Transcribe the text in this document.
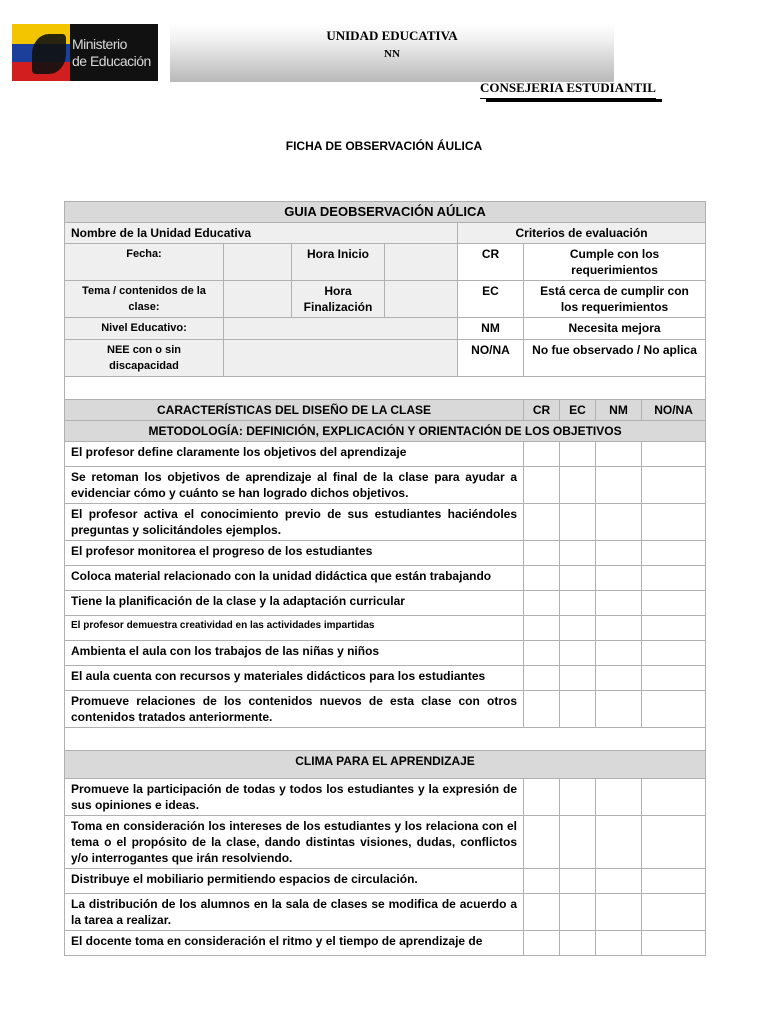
Ministerio
de Educación
UNIDAD EDUCATIVA
NN
CONSEJERIA ESTUDIANTIL
FICHA DE OBSERVACIÓN ÁULICA
GUIA DEOBSERVACIÓN AÚLICA								
Nombre de la Unidad Educativa				Criterios de evaluación				
Fecha:		Hora Inicio		CR	Cumple con los requerimientos			
Tema / contenidos de la clase:		Hora Finalización		EC	Está cerca de cumplir con los requerimientos			
Nivel Educativo:				NM	Necesita mejora			
NEE con o sin discapacidad				NO/NA	No fue observado / No aplica			

CARACTERÍSTICAS DEL DISEÑO DE LA CLASE					CR	EC	NM	NO/NA
METODOLOGÍA: DEFINICIÓN, EXPLICACIÓN Y ORIENTACIÓN DE LOS OBJETIVOS								
El profesor define claramente los objetivos del aprendizaje								
Se retoman los objetivos de aprendizaje al final de la clase para ayudar a evidenciar cómo y cuánto se han logrado dichos objetivos.								
El profesor activa el conocimiento previo de sus estudiantes haciéndoles preguntas y solicitándoles ejemplos.								
El profesor monitorea el progreso de los estudiantes								
Coloca material relacionado con la unidad didáctica que están trabajando								
Tiene la planificación de la clase y la adaptación curricular								
El profesor demuestra creatividad en las actividades impartidas								
Ambienta el aula con los trabajos de las niñas y niños								
El aula cuenta con recursos y materiales didácticos para los estudiantes								
Promueve relaciones de los contenidos nuevos de esta clase con otros contenidos tratados anteriormente.								

CLIMA PARA EL APRENDIZAJE								
Promueve la participación de todas y todos los estudiantes y la expresión de sus opiniones e ideas.								
Toma en consideración los intereses de los estudiantes y los relaciona con el tema o el propósito de la clase, dando distintas visiones, dudas, conflictos y/o interrogantes que irán resolviendo.								
Distribuye el mobiliario permitiendo espacios de circulación.								
La distribución de los alumnos en la sala de clases se modifica de acuerdo a la tarea a realizar.								
El docente toma en consideración el ritmo y el tiempo de aprendizaje de								
